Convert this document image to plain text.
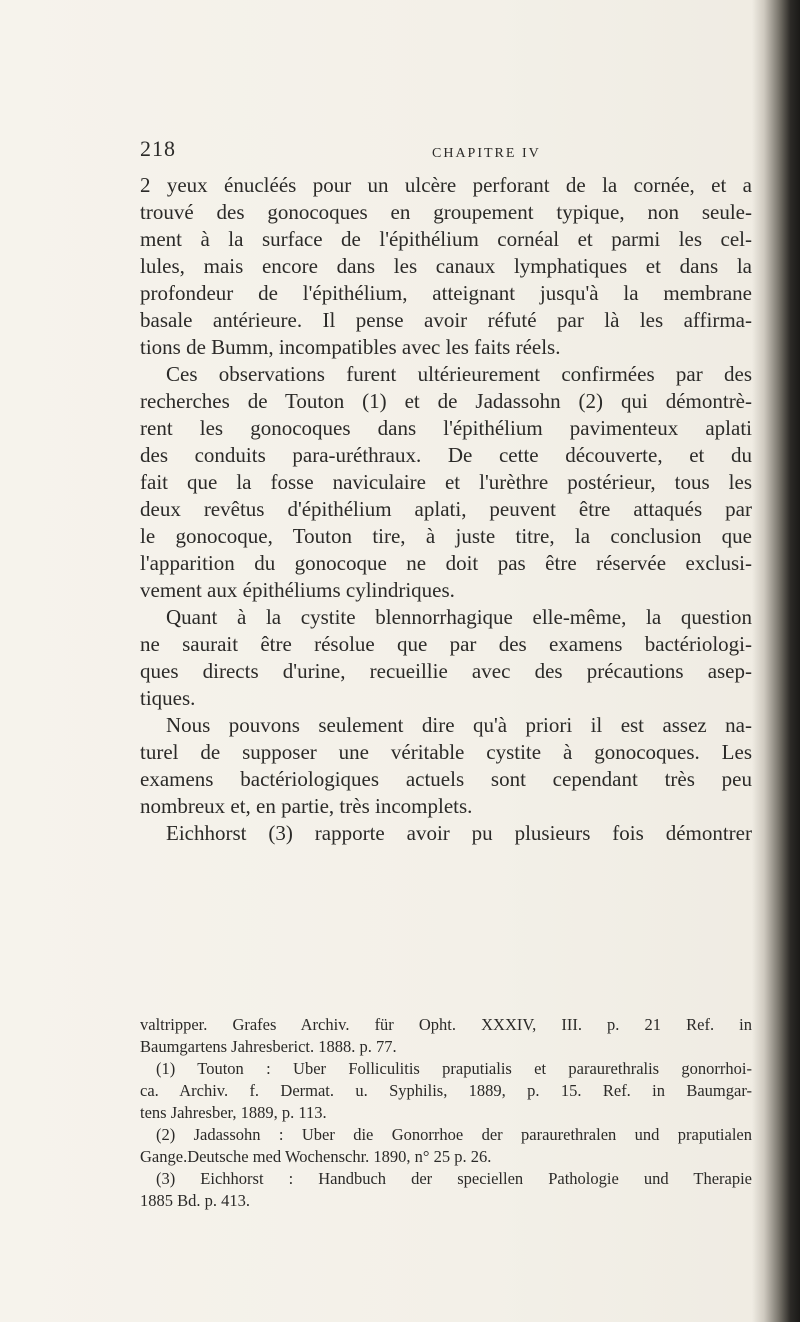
218	CHAPITRE IV
2 yeux énucléés pour un ulcère perforant de la cornée, et a
trouvé des gonocoques en groupement typique, non seule-
ment à la surface de l'épithélium cornéal et parmi les cel-
lules, mais encore dans les canaux lymphatiques et dans la
profondeur de l'épithélium, atteignant jusqu'à la membrane
basale antérieure. Il pense avoir réfuté par là les affirma-
tions de Bumm, incompatibles avec les faits réels.
Ces observations furent ultérieurement confirmées par des
recherches de Touton (1) et de Jadassohn (2) qui démontrè-
rent les gonocoques dans l'épithélium pavimenteux aplati
des conduits para-uréthraux. De cette découverte, et du
fait que la fosse naviculaire et l'urèthre postérieur, tous les
deux revêtus d'épithélium aplati, peuvent être attaqués par
le gonocoque, Touton tire, à juste titre, la conclusion que
l'apparition du gonocoque ne doit pas être réservée exclusi-
vement aux épithéliums cylindriques.
Quant à la cystite blennorrhagique elle-même, la question
ne saurait être résolue que par des examens bactériologi-
ques directs d'urine, recueillie avec des précautions asep-
tiques.
Nous pouvons seulement dire qu'à priori il est assez na-
turel de supposer une véritable cystite à gonocoques. Les
examens bactériologiques actuels sont cependant très peu
nombreux et, en partie, très incomplets.
Eichhorst (3) rapporte avoir pu plusieurs fois démontrer
valtripper. Grafes Archiv. für Opht. XXXIV, III. p. 21 Ref. in
Baumgartens Jahresberict. 1888. p. 77.
(1) Touton : Uber Folliculitis praputialis et paraurethralis gonorrhoi-
ca. Archiv. f. Dermat. u. Syphilis, 1889, p. 15. Ref. in Baumgar-
tens Jahresber, 1889, p. 113.
(2) Jadassohn : Uber die Gonorrhoe der paraurethralen und praputialen
Gange.Deutsche med Wochenschr. 1890, n° 25 p. 26.
(3) Eichhorst : Handbuch der speciellen Pathologie und Therapie
1885 Bd. p. 413.
